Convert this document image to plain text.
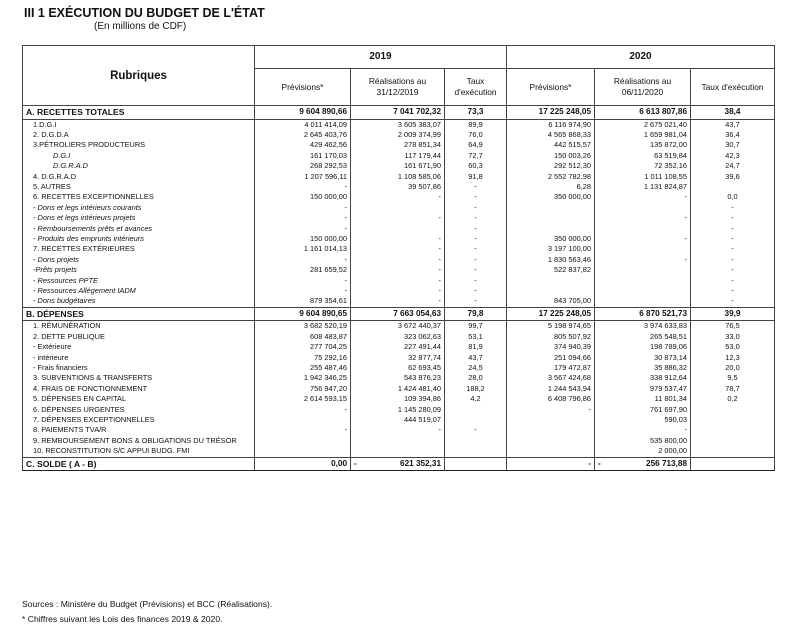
III 1 EXÉCUTION DU BUDGET DE L'ÉTAT
(En millions de CDF)
Rubriques	2019			2020		
	Prévisions*	Réalisations au 31/12/2019	Taux d'exécution	Prévisions*	Réalisations au 06/11/2020	Taux d'exécution
A. RECETTES TOTALES	9 604 890,66	7 041 702,32	73,3	17 225 248,05	6 613 807,86	38,4
1.D.G.I	4 011 414,09	3 605 383,07	89,9	6 116 974,90	2 675 021,40	43,7
2. D.G.D.A	2 645 403,76	2 009 374,99	76,0	4 565 868,33	1 659 981,04	36,4
3.PÉTROLIERS PRODUCTEURS	429 462,56	278 851,34	64,9	442 515,57	135 872,00	30,7
D.G.I	161 170,03	117 179,44	72,7	150 003,26	63 519,84	42,3
D.G.R.A.D	268 292,53	161 671,90	60,3	292 512,30	72 352,16	24,7
4. D.G.R.A.D	1 207 596,11	1 108 585,06	91,8	2 552 782,98	1 011 108,55	39,6
5. AUTRES	-	39 507,86	-	6,28	1 131 824,87	
6. RECETTES EXCEPTIONNELLES	150 000,00	-	-	350 000,00	-	0,0
- Dons et legs intérieurs courants	-		-			-
- Dons et legs intérieurs projets	-	-	-		-	-
- Remboursements prêts et avances	-		-			-
- Produits des emprunts intérieurs	150 000,00	-	-	350 000,00	-	-
7. RECETTES EXTÉRIEURES	1 161 014,13	-	-	3 197 100,00		-
- Dons projets	-	-	-	1 830 563,46	-	-
-Prêts projets	281 659,52	-	-	522 837,82		-
- Ressources PPTE	-	-	-			-
- Ressources Allégement IADM	-	-	-			-
- Dons budgétaires	879 354,61	-	-	843 705,00		-
B. DÉPENSES	9 604 890,65	7 663 054,63	79,8	17 225 248,05	6 870 521,73	39,9
1. RÉMUNÉRATION	3 682 520,19	3 672 440,37	99,7	5 198 974,65	3 974 633,83	76,5
2. DETTE PUBLIQUE	608 483,87	323 062,63	53,1	805 507,92	265 548,51	33,0
- Extérieure	277 704,25	227 491,44	81,9	374 940,39	198 789,06	53,0
- intérieure	75 292,16	32 877,74	43,7	251 094,66	30 873,14	12,3
- Frais financiers	255 487,46	62 693,45	24,5	179 472,87	35 886,32	20,0
3. SUBVENTIONS & TRANSFERTS	1 942 346,25	543 876,23	28,0	3 567 424,68	338 912,64	9,5
4. FRAIS DE FONCTIONNEMENT	756 947,20	1 424 481,40	188,2	1 244 543,94	979 537,47	78,7
5. DÉPENSES EN CAPITAL	2 614 593,15	109 394,86	4,2	6 408 796,86	11 801,34	0,2
6. DÉPENSES URGENTES	-	1 145 280,09		-	761 697,90	
7. DÉPENSES EXCEPTIONNELLES		444 519,07			590,03	
8. PAIEMENTS TVA/R	-	-	-		-	
9. REMBOURSEMENT BONS & OBLIGATIONS DU TRÉSOR					535 800,00	
10. RECONSTITUTION S/C APPUI BUDG. FMI					2 000,00	
C. SOLDE ( A - B)	0,00	- 621 352,31		-	- 256 713,88	
Sources : Ministère du Budget (Prévisions) et BCC (Réalisations).
* Chiffres suivant les Lois des finances 2019 & 2020.
